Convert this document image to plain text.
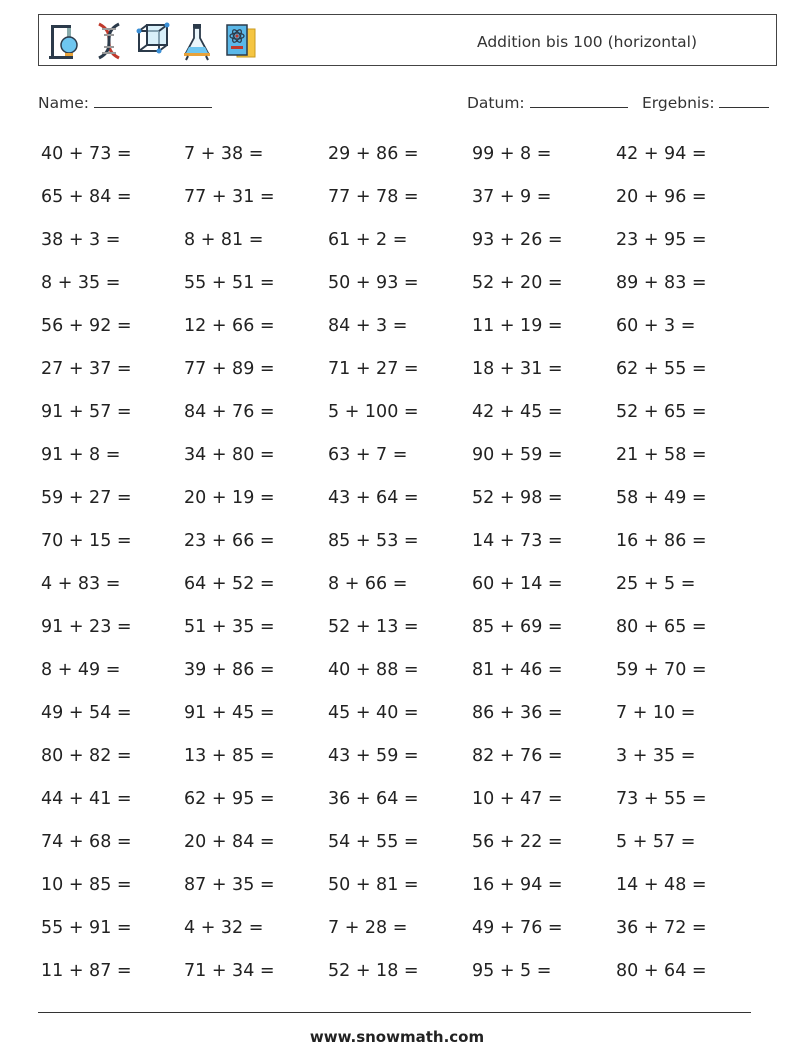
Addition bis 100 (horizontal)
Name:	Datum:	Ergebnis:
40 + 73 =	7 + 38 =	29 + 86 =	99 + 8 =	42 + 94 =
65 + 84 =	77 + 31 =	77 + 78 =	37 + 9 =	20 + 96 =
38 + 3 =	8 + 81 =	61 + 2 =	93 + 26 =	23 + 95 =
8 + 35 =	55 + 51 =	50 + 93 =	52 + 20 =	89 + 83 =
56 + 92 =	12 + 66 =	84 + 3 =	11 + 19 =	60 + 3 =
27 + 37 =	77 + 89 =	71 + 27 =	18 + 31 =	62 + 55 =
91 + 57 =	84 + 76 =	5 + 100 =	42 + 45 =	52 + 65 =
91 + 8 =	34 + 80 =	63 + 7 =	90 + 59 =	21 + 58 =
59 + 27 =	20 + 19 =	43 + 64 =	52 + 98 =	58 + 49 =
70 + 15 =	23 + 66 =	85 + 53 =	14 + 73 =	16 + 86 =
4 + 83 =	64 + 52 =	8 + 66 =	60 + 14 =	25 + 5 =
91 + 23 =	51 + 35 =	52 + 13 =	85 + 69 =	80 + 65 =
8 + 49 =	39 + 86 =	40 + 88 =	81 + 46 =	59 + 70 =
49 + 54 =	91 + 45 =	45 + 40 =	86 + 36 =	7 + 10 =
80 + 82 =	13 + 85 =	43 + 59 =	82 + 76 =	3 + 35 =
44 + 41 =	62 + 95 =	36 + 64 =	10 + 47 =	73 + 55 =
74 + 68 =	20 + 84 =	54 + 55 =	56 + 22 =	5 + 57 =
10 + 85 =	87 + 35 =	50 + 81 =	16 + 94 =	14 + 48 =
55 + 91 =	4 + 32 =	7 + 28 =	49 + 76 =	36 + 72 =
11 + 87 =	71 + 34 =	52 + 18 =	95 + 5 =	80 + 64 =
www.snowmath.com
